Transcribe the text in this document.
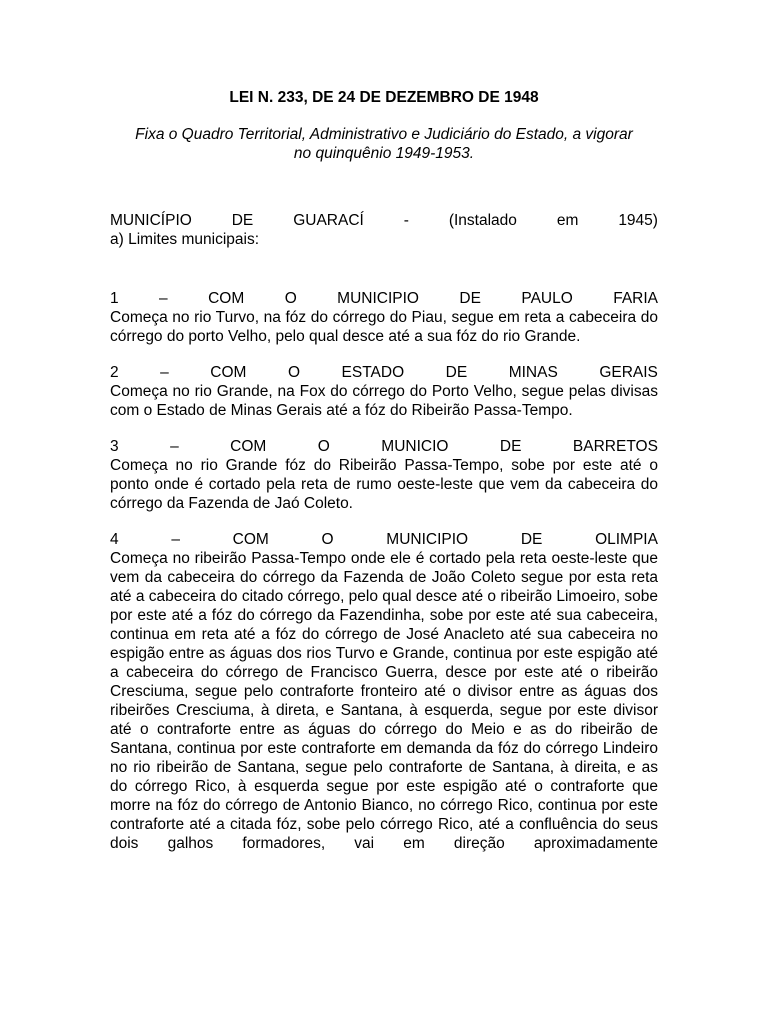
LEI N. 233, DE 24 DE DEZEMBRO DE 1948

Fixa o Quadro Territorial, Administrativo e Judiciário do Estado, a vigorar no quinquênio 1949-1953.

MUNICÍPIO	DE	GUARACÍ	-	(Instalado	em	1945)
a) Limites municipais:
1	–	COM	O	MUNICIPIO	DE	PAULO	FARIA
Começa no rio Turvo, na fóz do córrego do Piau, segue em reta a cabeceira do córrego do porto Velho, pelo qual desce até a sua fóz do rio Grande.
2	–	COM	O	ESTADO	DE	MINAS	GERAIS
Começa no rio Grande, na Fox do córrego do Porto Velho, segue pelas divisas com o Estado de Minas Gerais até a fóz do Ribeirão Passa-Tempo.
3	–	COM	O	MUNICIO	DE	BARRETOS
Começa no rio Grande fóz do Ribeirão Passa-Tempo, sobe por este até o ponto onde é cortado pela reta de rumo oeste-leste que vem da cabeceira do córrego da Fazenda de Jaó Coleto.
4	–	COM	O	MUNICIPIO	DE	OLIMPIA
Começa no ribeirão Passa-Tempo onde ele é cortado pela reta oeste-leste que vem da cabeceira do córrego da Fazenda de João Coleto segue por esta reta até a cabeceira do citado córrego, pelo qual desce até o ribeirão Limoeiro, sobe por este até a fóz do córrego da Fazendinha, sobe por este até sua cabeceira, continua em reta até a fóz do córrego de José Anacleto até sua cabeceira no espigão entre as águas dos rios Turvo e Grande, continua por este espigão até a cabeceira do córrego de Francisco Guerra, desce por este até o ribeirão Cresciuma, segue pelo contraforte fronteiro até o divisor entre as águas dos ribeirões Cresciuma, à direta, e Santana, à esquerda, segue por este divisor até o contraforte entre as águas do córrego do Meio e as do ribeirão de Santana, continua por este contraforte em demanda da fóz do córrego Lindeiro no rio ribeirão de Santana, segue pelo contraforte de Santana, à direita, e as do córrego Rico, à esquerda segue por este espigão até o contraforte que morre na fóz do córrego de Antonio Bianco, no córrego Rico, continua por este contraforte até a citada fóz, sobe pelo córrego Rico, até a confluência do seus dois galhos formadores, vai em direção aproximadamente
